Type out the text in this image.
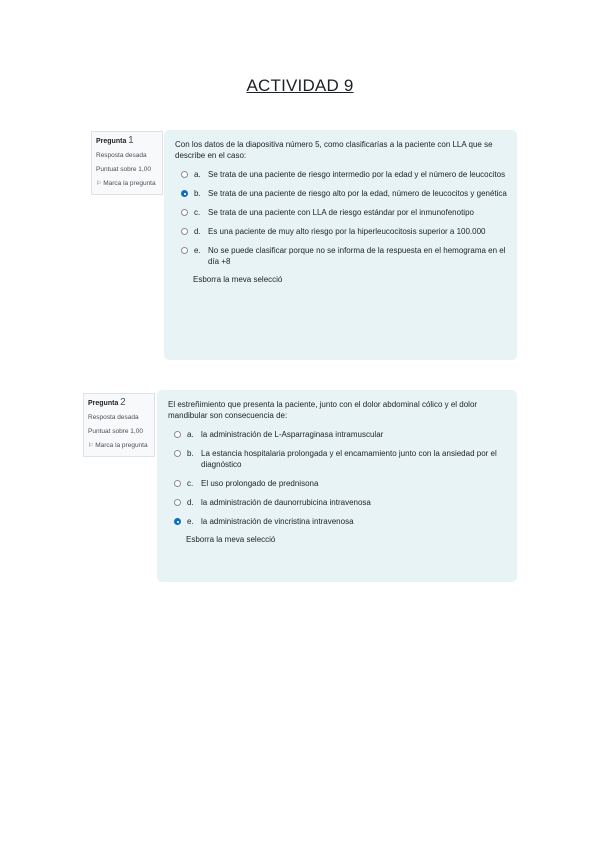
ACTIVIDAD 9
Pregunta 1
Resposta desada
Puntuat sobre 1,00
⚐ Marca la pregunta
Con los datos de la diapositiva número 5, como clasificarías a la paciente con LLA que se describe en el caso:
a. Se trata de una paciente de riesgo intermedio por la edad y el número de leucocitos
b. Se trata de una paciente de riesgo alto por la edad, número de leucocitos y genética
c. Se trata de una paciente con LLA de riesgo estándar por el inmunofenotipo
d. Es una paciente de muy alto riesgo por la hiperleucocitosis superior a 100.000
e. No se puede clasificar porque no se informa de la respuesta en el hemograma en el día +8
Esborra la meva selecció
Pregunta 2
Resposta desada
Puntuat sobre 1,00
⚐ Marca la pregunta
El estreñimiento que presenta la paciente, junto con el dolor abdominal cólico y el dolor mandibular son consecuencia de:
a. la administración de L-Asparraginasa intramuscular
b. La estancia hospitalaria prolongada y el encamamiento junto con la ansiedad por el diagnóstico
c. El uso prolongado de prednisona
d. la administración de daunorrubicina intravenosa
e. la administración de vincristina intravenosa
Esborra la meva selecció
